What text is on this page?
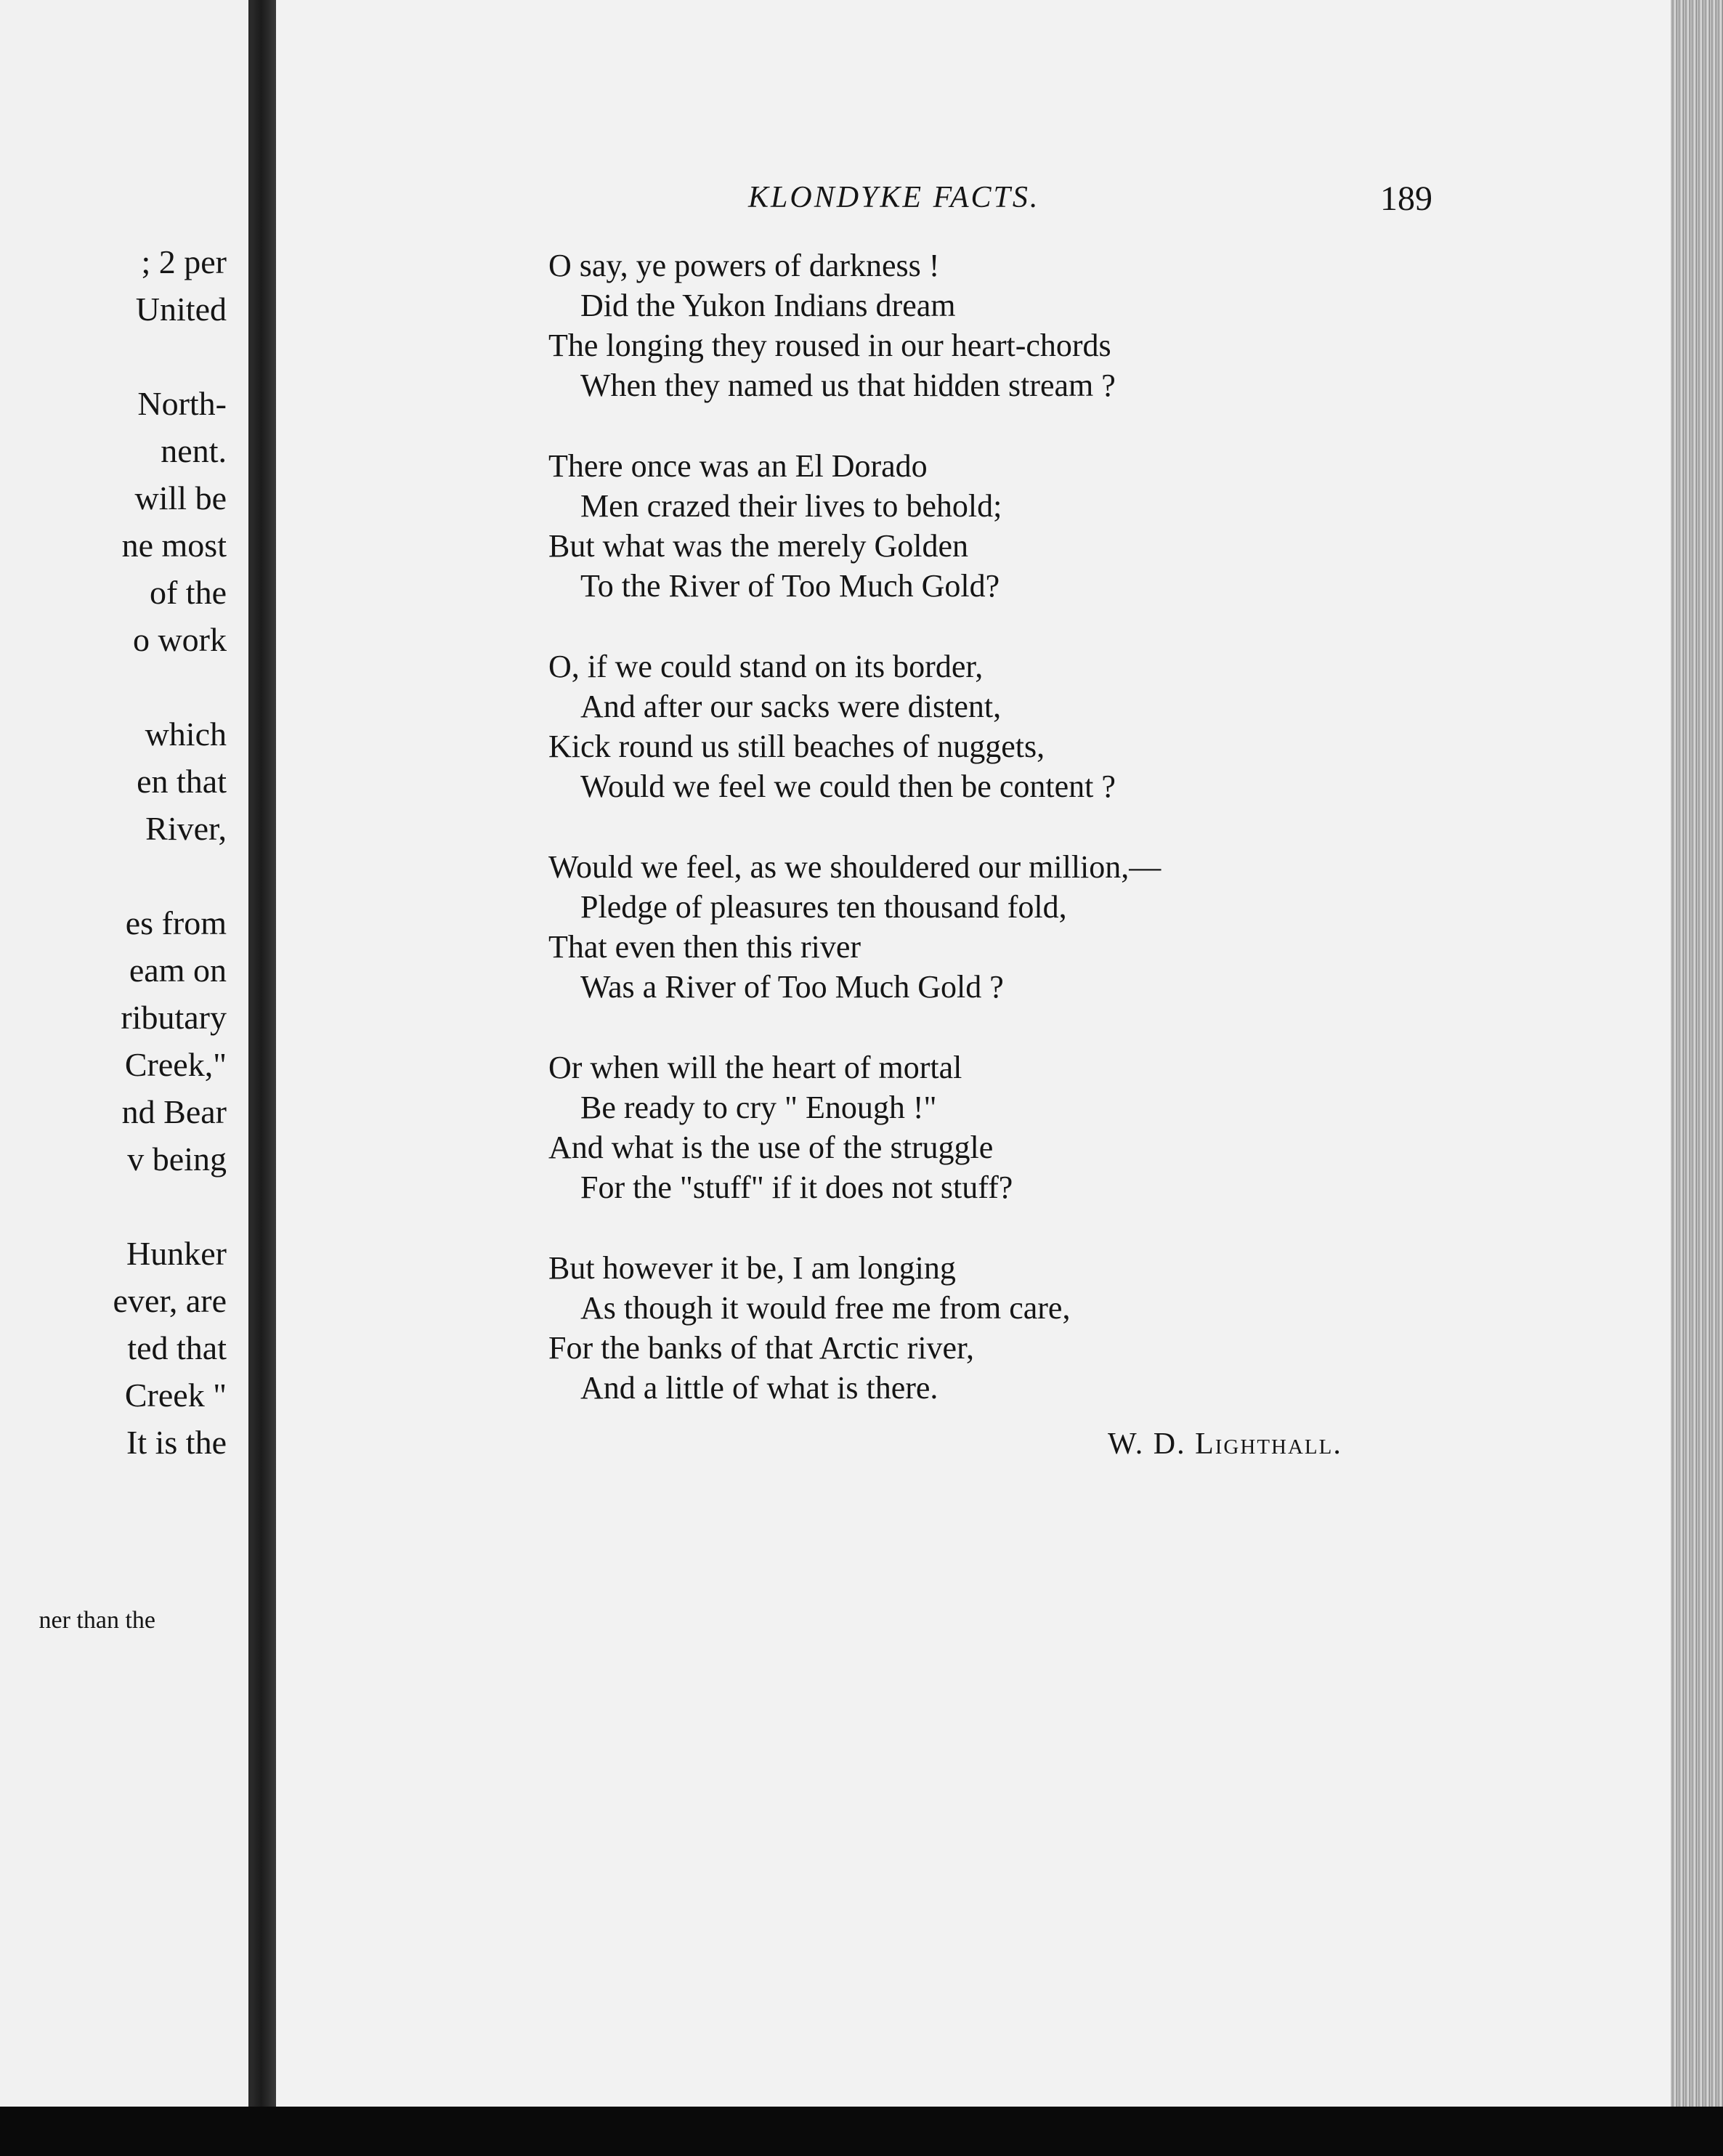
; 2 per
United
North-
nent.
will be
ne most
of the
o work
which
en that
River,
es from
eam on
ributary
Creek,"
nd Bear
v being
Hunker
ever, are
ted that
Creek "
It is the
ner than the
KLONDYKE FACTS.	189
O say, ye powers of darkness !
Did the Yukon Indians dream
The longing they roused in our heart-chords
When they named us that hidden stream ?
There once was an El Dorado
Men crazed their lives to behold;
But what was the merely Golden
To the River of Too Much Gold?
O, if we could stand on its border,
And after our sacks were distent,
Kick round us still beaches of nuggets,
Would we feel we could then be content ?
Would we feel, as we shouldered our million,—
Pledge of pleasures ten thousand fold,
That even then this river
Was a River of Too Much Gold ?
Or when will the heart of mortal
Be ready to cry " Enough !"
And what is the use of the struggle
For the "stuff" if it does not stuff?
But however it be, I am longing
As though it would free me from care,
For the banks of that Arctic river,
And a little of what is there.
W. D. Lighthall.
